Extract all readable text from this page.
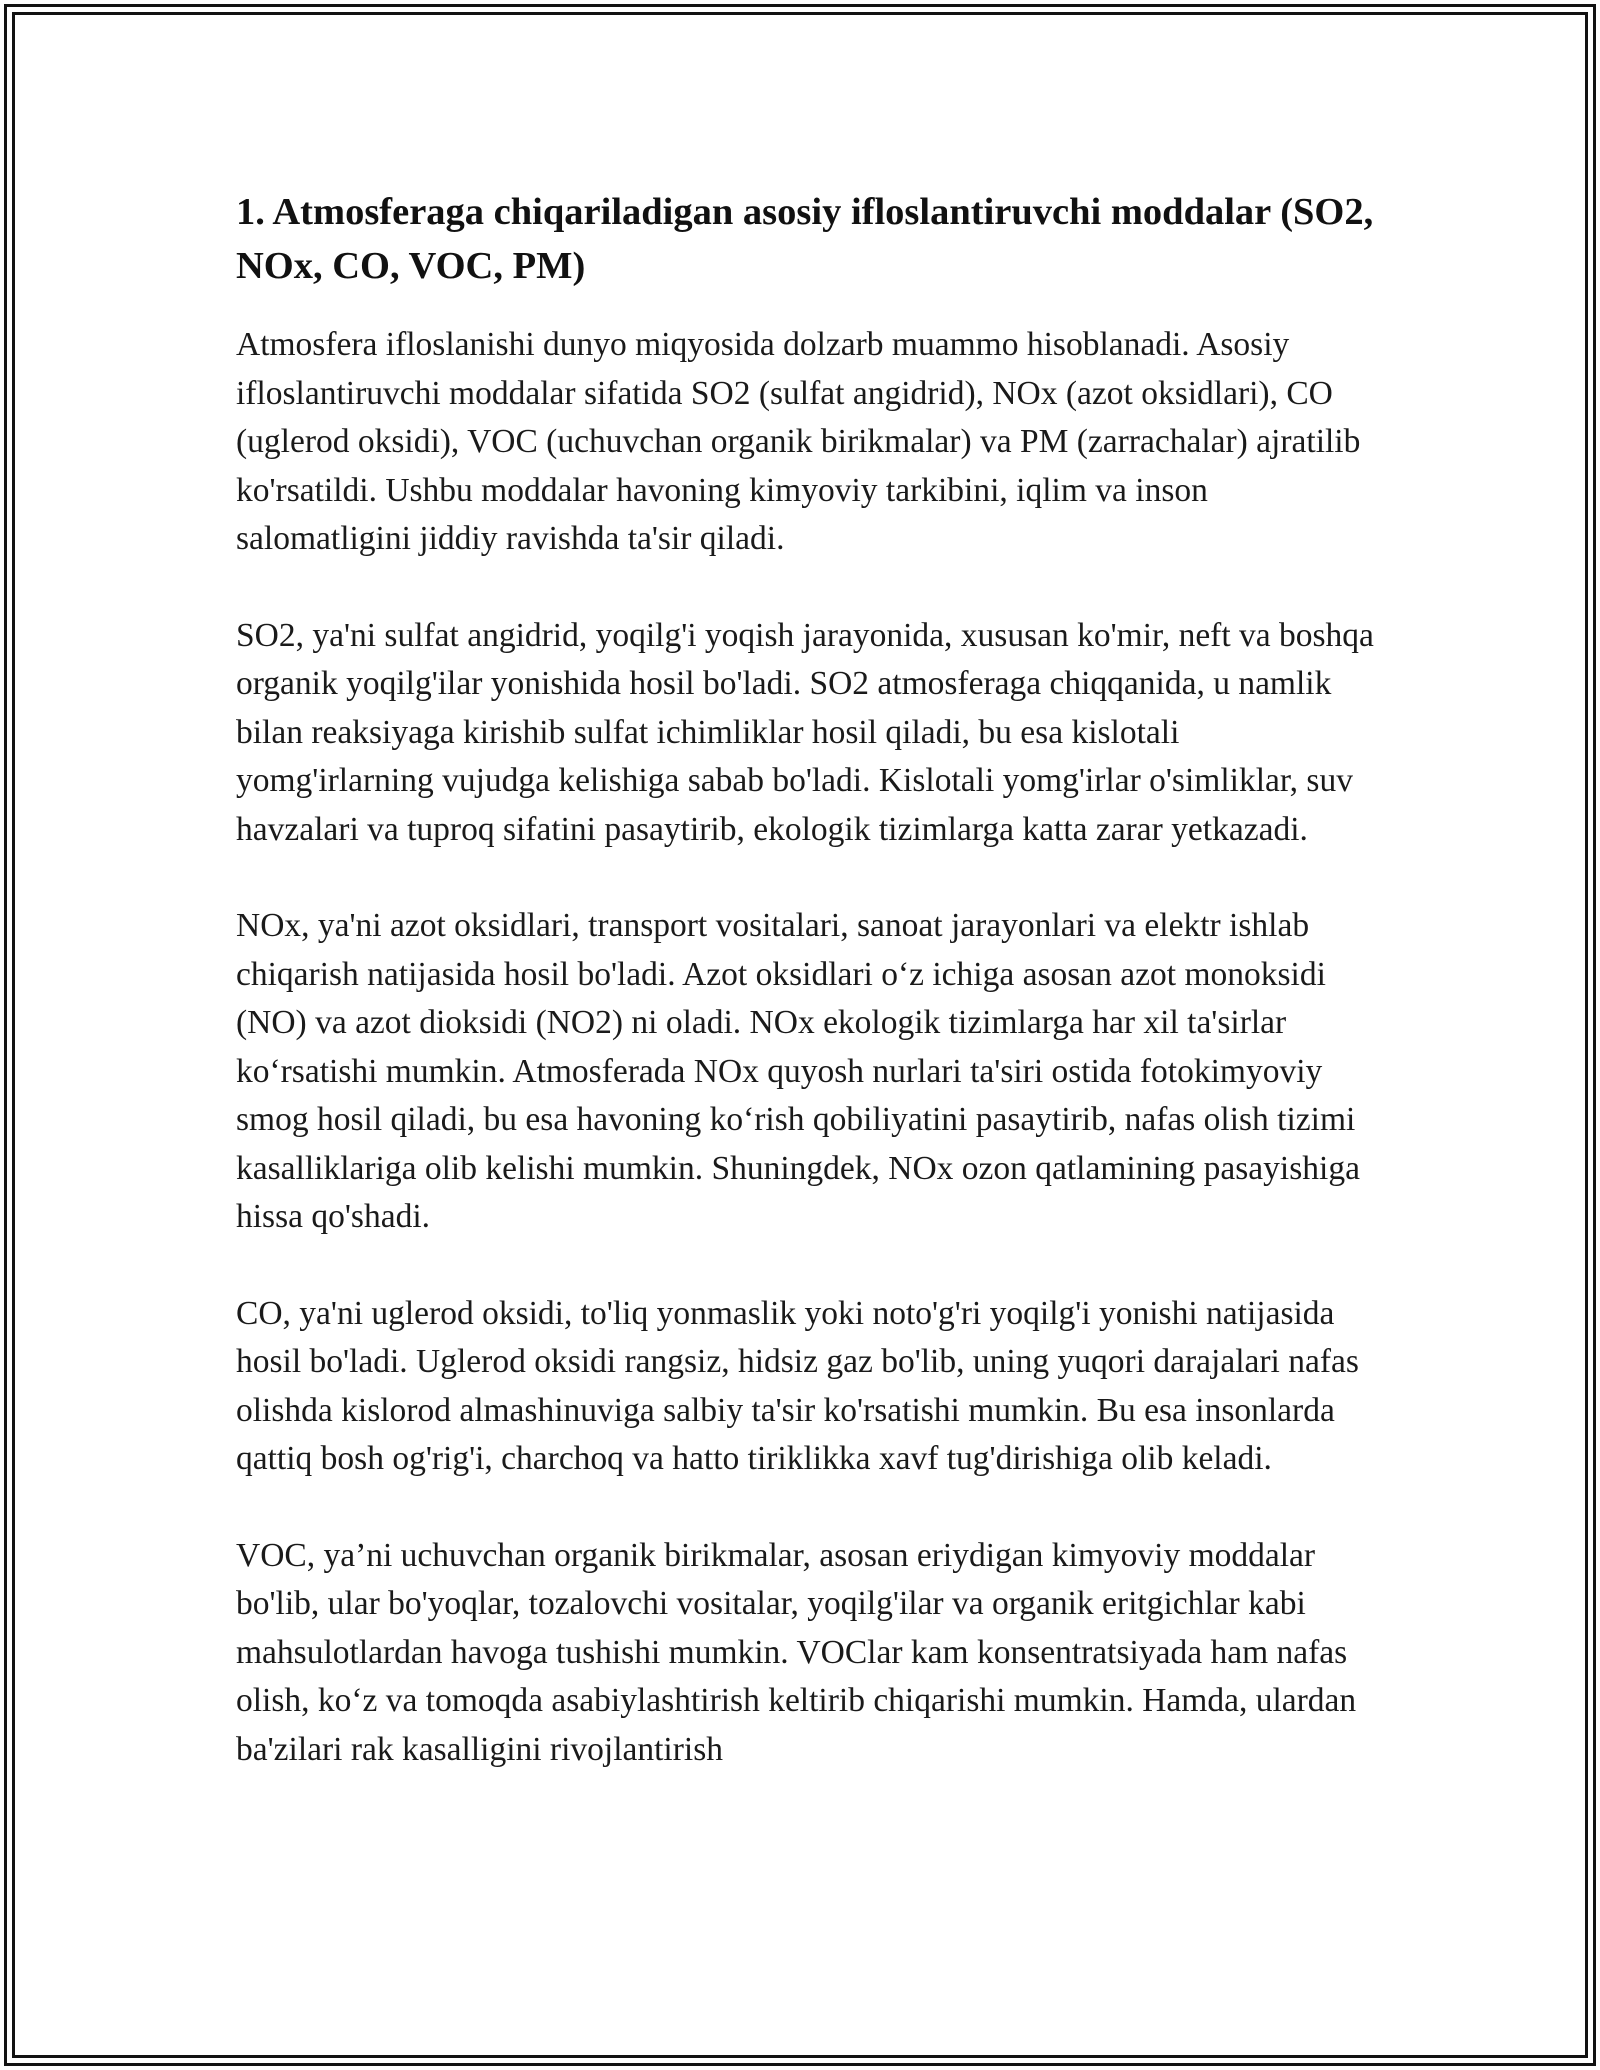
1. Atmosferaga chiqariladigan asosiy ifloslantiruvchi moddalar (SO2, NOx, CO, VOC, PM)

Atmosfera ifloslanishi dunyo miqyosida dolzarb muammo hisoblanadi. Asosiy ifloslantiruvchi moddalar sifatida SO2 (sulfat angidrid), NOx (azot oksidlari), CO (uglerod oksidi), VOC (uchuvchan organik birikmalar) va PM (zarrachalar) ajratilib ko'rsatildi. Ushbu moddalar havoning kimyoviy tarkibini, iqlim va inson salomatligini jiddiy ravishda ta'sir qiladi.

SO2, ya'ni sulfat angidrid, yoqilg'i yoqish jarayonida, xususan ko'mir, neft va boshqa organik yoqilg'ilar yonishida hosil bo'ladi. SO2 atmosferaga chiqqanida, u namlik bilan reaksiyaga kirishib sulfat ichimliklar hosil qiladi, bu esa kislotali yomg'irlarning vujudga kelishiga sabab bo'ladi. Kislotali yomg'irlar o'simliklar, suv havzalari va tuproq sifatini pasaytirib, ekologik tizimlarga katta zarar yetkazadi.

NOx, ya'ni azot oksidlari, transport vositalari, sanoat jarayonlari va elektr ishlab chiqarish natijasida hosil bo'ladi. Azot oksidlari o‘z ichiga asosan azot monoksidi (NO) va azot dioksidi (NO2) ni oladi. NOx ekologik tizimlarga har xil ta'sirlar ko‘rsatishi mumkin. Atmosferada NOx quyosh nurlari ta'siri ostida fotokimyoviy smog hosil qiladi, bu esa havoning ko‘rish qobiliyatini pasaytirib, nafas olish tizimi kasalliklariga olib kelishi mumkin. Shuningdek, NOx ozon qatlamining pasayishiga hissa qo'shadi.

CO, ya'ni uglerod oksidi, to'liq yonmaslik yoki noto'g'ri yoqilg'i yonishi natijasida hosil bo'ladi. Uglerod oksidi rangsiz, hidsiz gaz bo'lib, uning yuqori darajalari nafas olishda kislorod almashinuviga salbiy ta'sir ko'rsatishi mumkin. Bu esa insonlarda qattiq bosh og'rig'i, charchoq va hatto tiriklikka xavf tug'dirishiga olib keladi.

VOC, ya’ni uchuvchan organik birikmalar, asosan eriydigan kimyoviy moddalar bo'lib, ular bo'yoqlar, tozalovchi vositalar, yoqilg'ilar va organik eritgichlar kabi mahsulotlardan havoga tushishi mumkin. VOClar kam konsentratsiyada ham nafas olish, ko‘z va tomoqda asabiylashtirish keltirib chiqarishi mumkin. Hamda, ulardan ba'zilari rak kasalligini rivojlantirish
